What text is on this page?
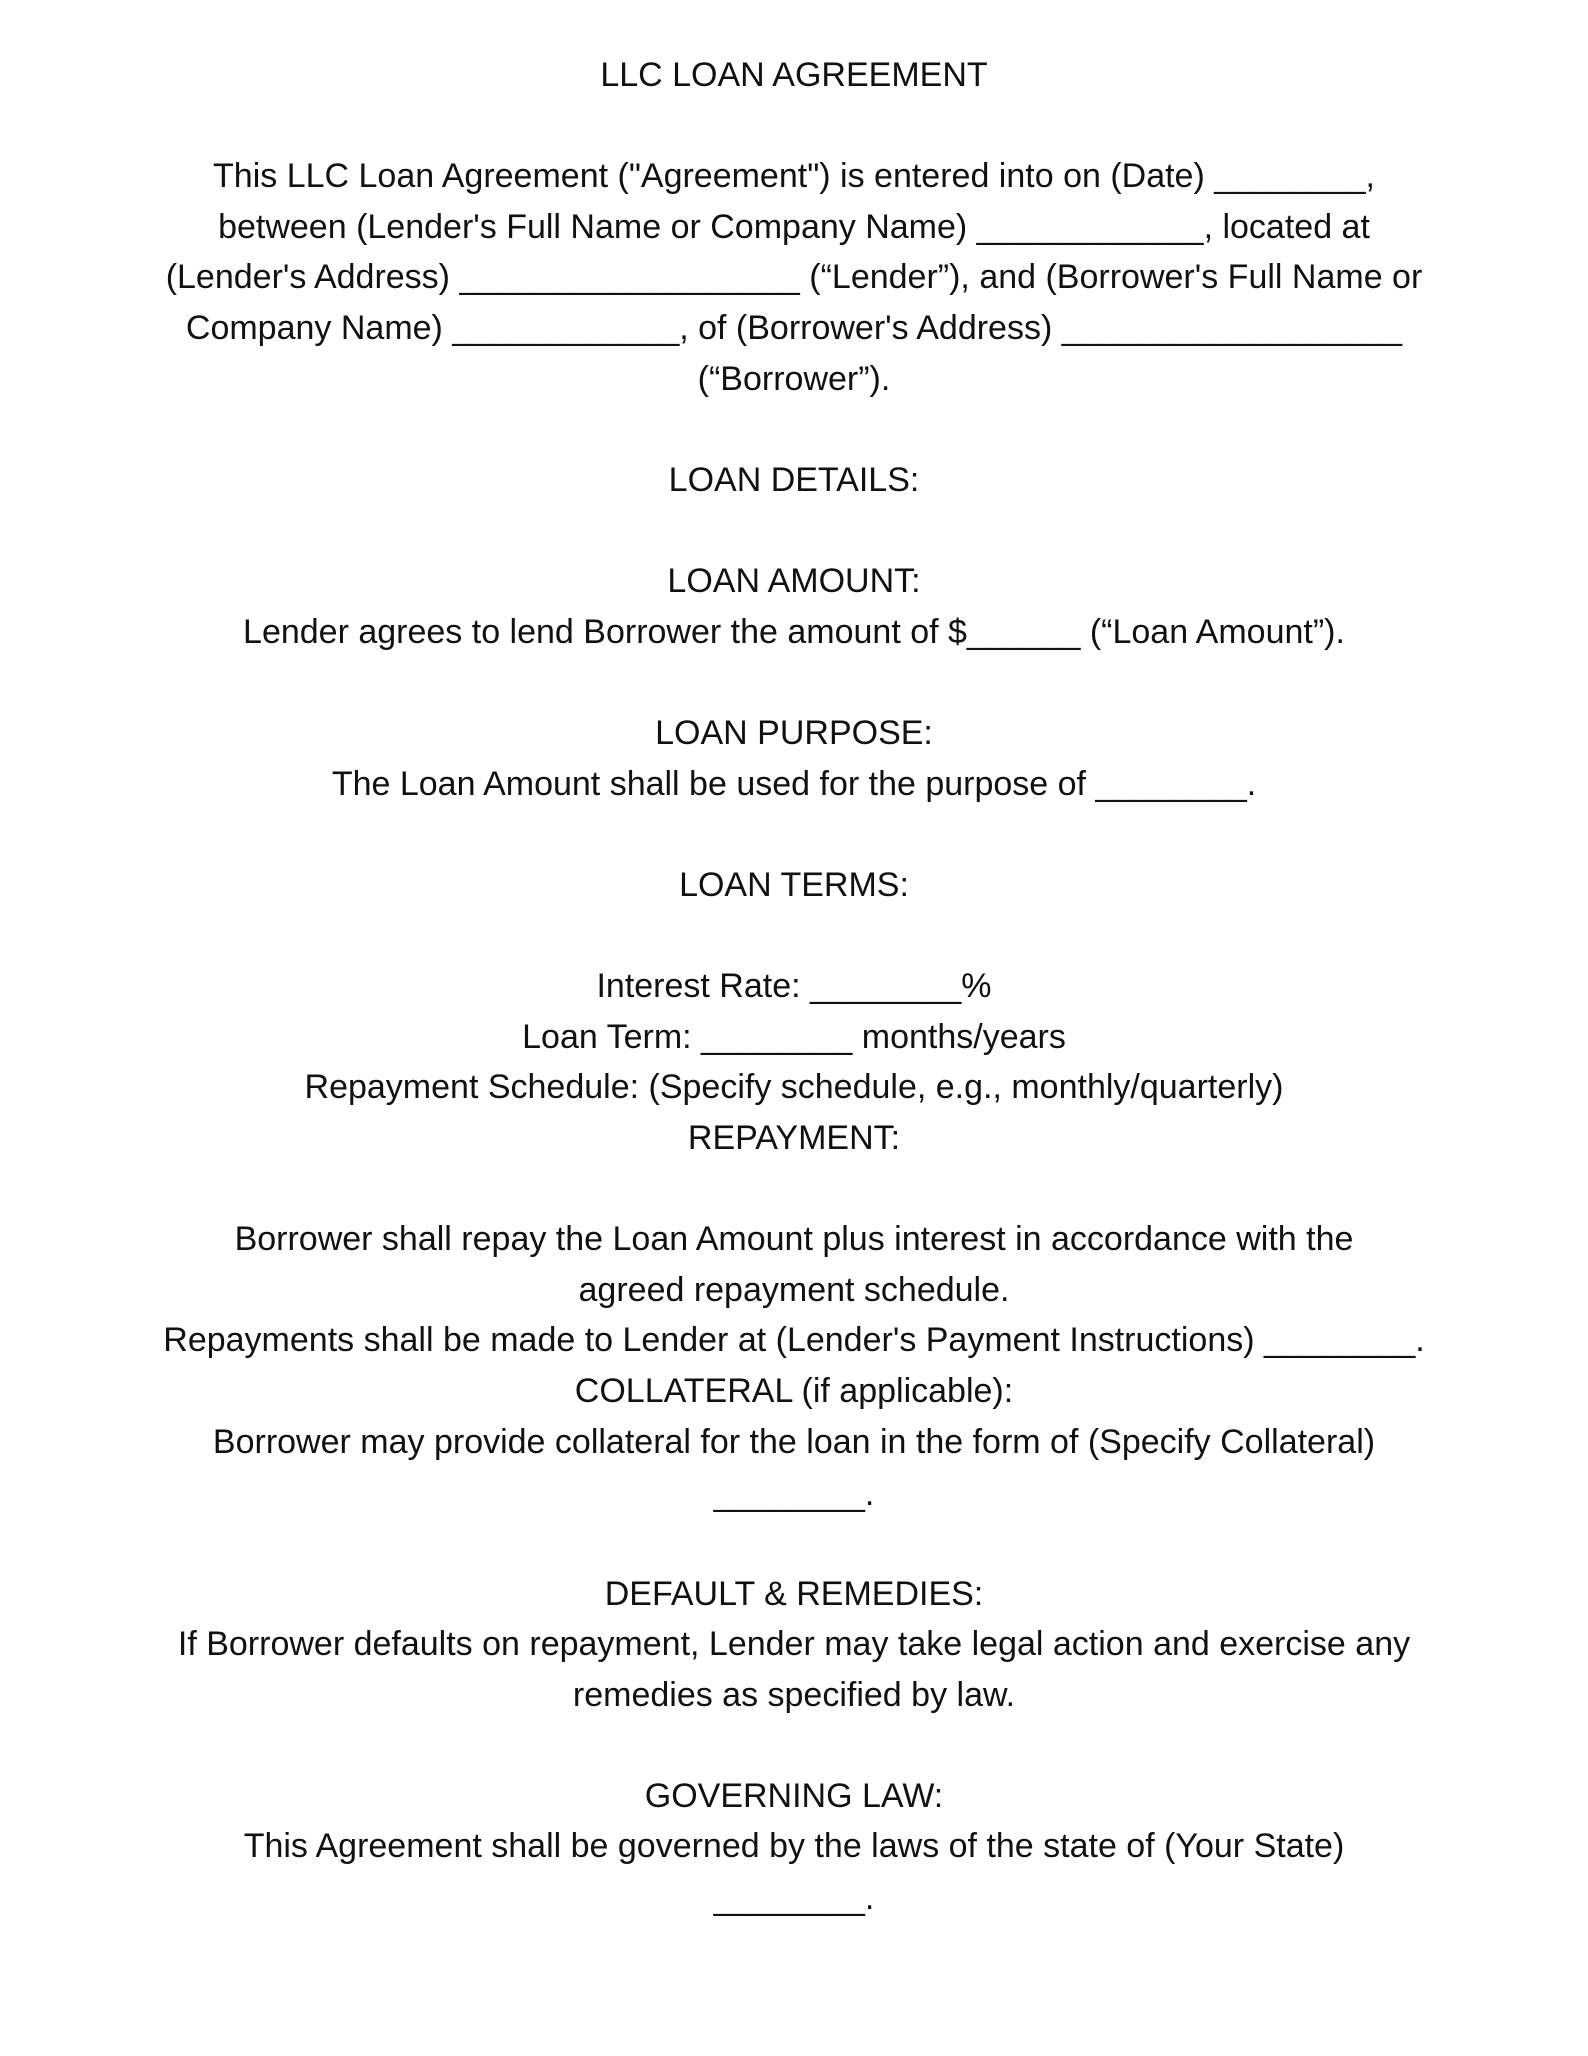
LLC LOAN AGREEMENT
This LLC Loan Agreement ("Agreement") is entered into on (Date) ________,
between (Lender's Full Name or Company Name) ____________, located at
(Lender's Address) __________________ (“Lender”), and (Borrower's Full Name or
Company Name) ____________, of (Borrower's Address) __________________
(“Borrower”).
LOAN DETAILS:
LOAN AMOUNT:
Lender agrees to lend Borrower the amount of $______ (“Loan Amount”).
LOAN PURPOSE:
The Loan Amount shall be used for the purpose of ________.
LOAN TERMS:
Interest Rate: ________%
Loan Term: ________ months/years
Repayment Schedule: (Specify schedule, e.g., monthly/quarterly)
REPAYMENT:
Borrower shall repay the Loan Amount plus interest in accordance with the
agreed repayment schedule.
Repayments shall be made to Lender at (Lender's Payment Instructions) ________.
COLLATERAL (if applicable):
Borrower may provide collateral for the loan in the form of (Specify Collateral)
________.
DEFAULT & REMEDIES:
If Borrower defaults on repayment, Lender may take legal action and exercise any
remedies as specified by law.
GOVERNING LAW:
This Agreement shall be governed by the laws of the state of (Your State)
________.
